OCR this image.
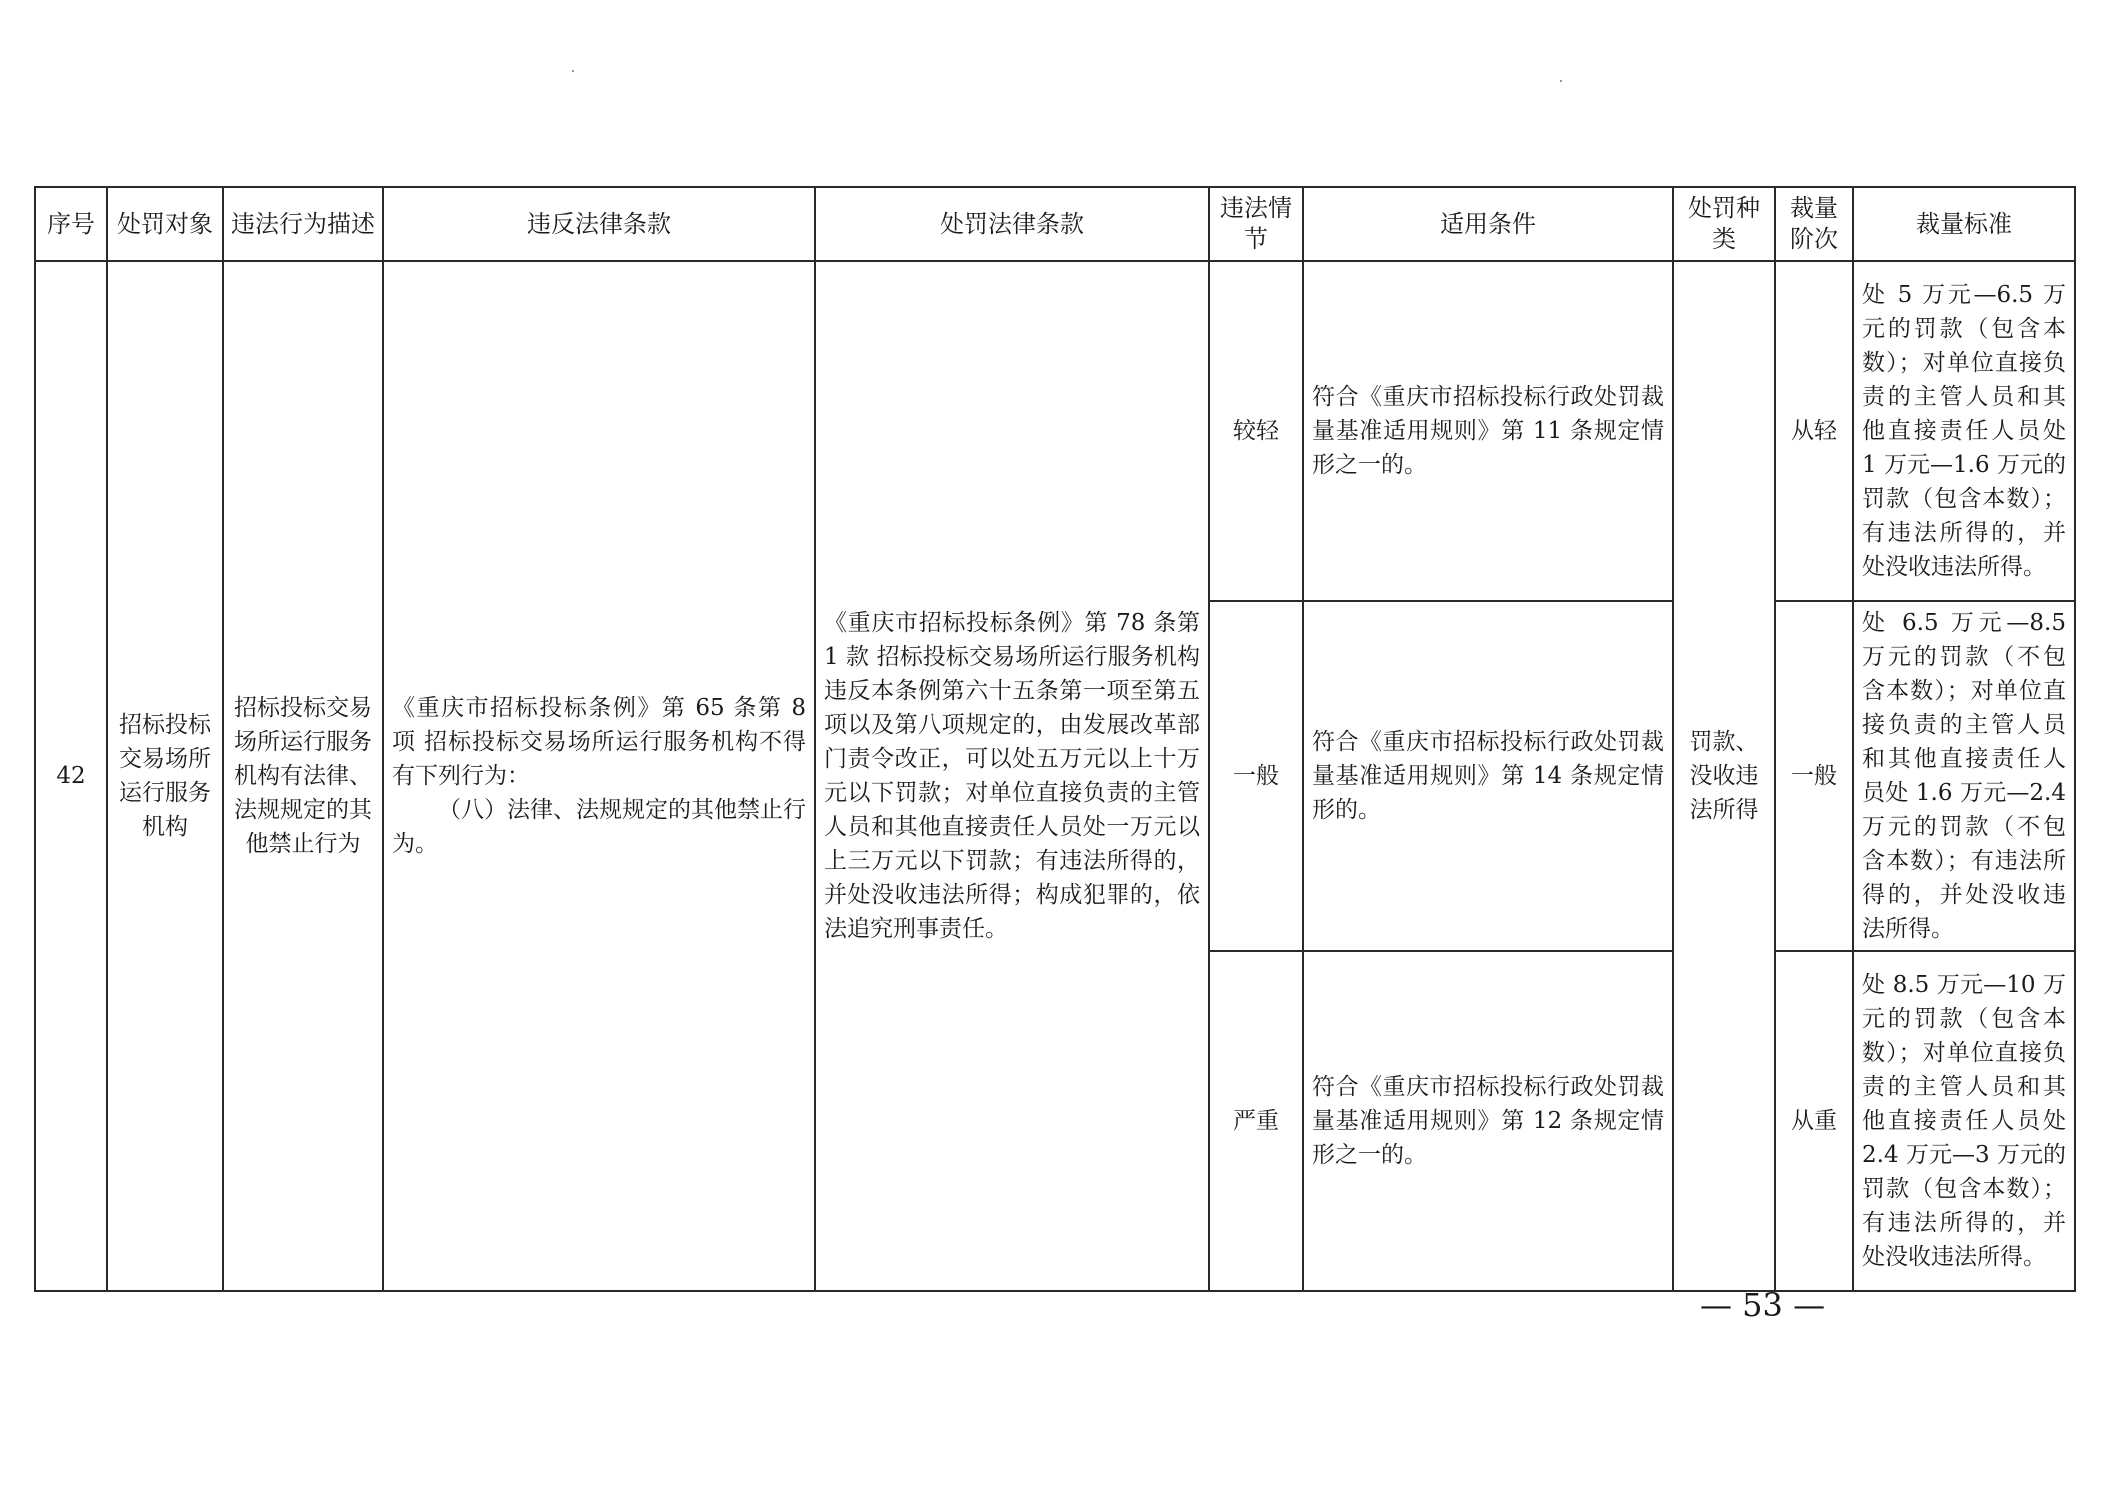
序号	处罚对象	违法行为描述	违反法律条款	处罚法律条款	违法情节	适用条件	处罚种类	裁量阶次	裁量标准
42	招标投标交易场所运行服务机构	招标投标交易场所运行服务机构有法律、法规规定的其他禁止行为	《重庆市招标投标条例》第 65 条第 8 项 招标投标交易场所运行服务机构不得有下列行为：
（八）法律、法规规定的其他禁止行为。	《重庆市招标投标条例》第 78 条第 1 款 招标投标交易场所运行服务机构违反本条例第六十五条第一项至第五项以及第八项规定的，由发展改革部门责令改正，可以处五万元以上十万元以下罚款；对单位直接负责的主管人员和其他直接责任人员处一万元以上三万元以下罚款；有违法所得的，并处没收违法所得；构成犯罪的，依法追究刑事责任。	较轻	符合《重庆市招标投标行政处罚裁量基准适用规则》第 11 条规定情形之一的。	罚款、没收违法所得	从轻	处 5 万元—6.5 万元的罚款（包含本数）；对单位直接负责的主管人员和其他直接责任人员处 1 万元—1.6 万元的罚款（包含本数）；有违法所得的，并处没收违法所得。
					一般	符合《重庆市招标投标行政处罚裁量基准适用规则》第 14 条规定情形的。		一般	处 6.5 万元—8.5 万元的罚款（不包含本数）；对单位直接负责的主管人员和其他直接责任人员处 1.6 万元—2.4 万元的罚款（不包含本数）；有违法所得的，并处没收违法所得。
					严重	符合《重庆市招标投标行政处罚裁量基准适用规则》第 12 条规定情形之一的。		从重	处 8.5 万元—10 万元的罚款（包含本数）；对单位直接负责的主管人员和其他直接责任人员处 2.4 万元—3 万元的罚款（包含本数）；有违法所得的，并处没收违法所得。
— 53 —
